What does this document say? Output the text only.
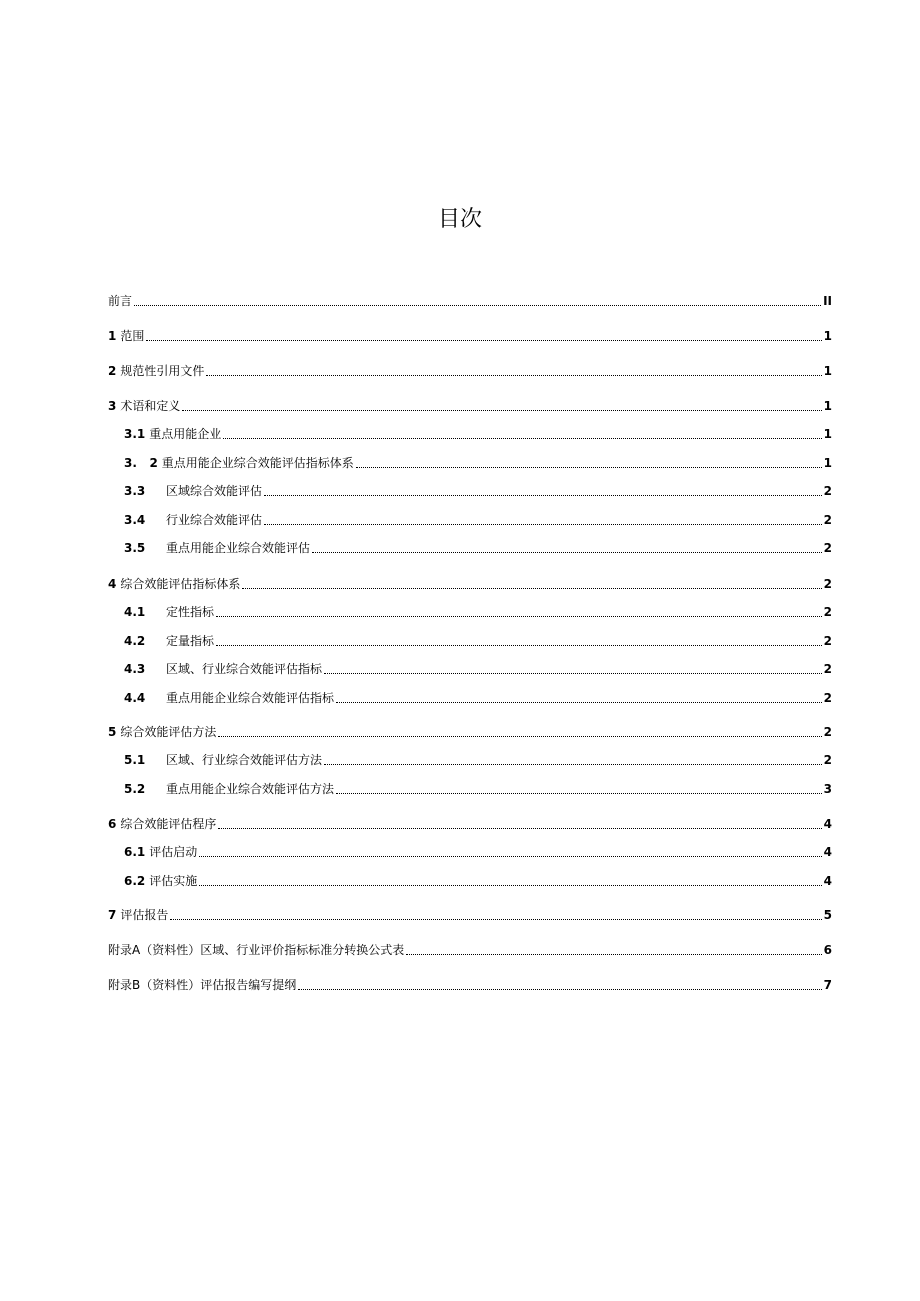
目次
前言	II
1 范围	1
2 规范性引用文件	1
3 术语和定义	1
3.1 重点用能企业	1
3.   2 重点用能企业综合效能评估指标体系	1
3.3	区域综合效能评估	2
3.4	行业综合效能评估	2
3.5	重点用能企业综合效能评估	2
4 综合效能评估指标体系	2
4.1	定性指标	2
4.2	定量指标	2
4.3	区域、行业综合效能评估指标	2
4.4	重点用能企业综合效能评估指标	2
5 综合效能评估方法	2
5.1	区域、行业综合效能评估方法	2
5.2	重点用能企业综合效能评估方法	3
6 综合效能评估程序	4
6.1 评估启动	4
6.2 评估实施	4
7 评估报告	5
附录A（资料性）区域、行业评价指标标准分转换公式表	6
附录B（资料性）评估报告编写提纲	7
